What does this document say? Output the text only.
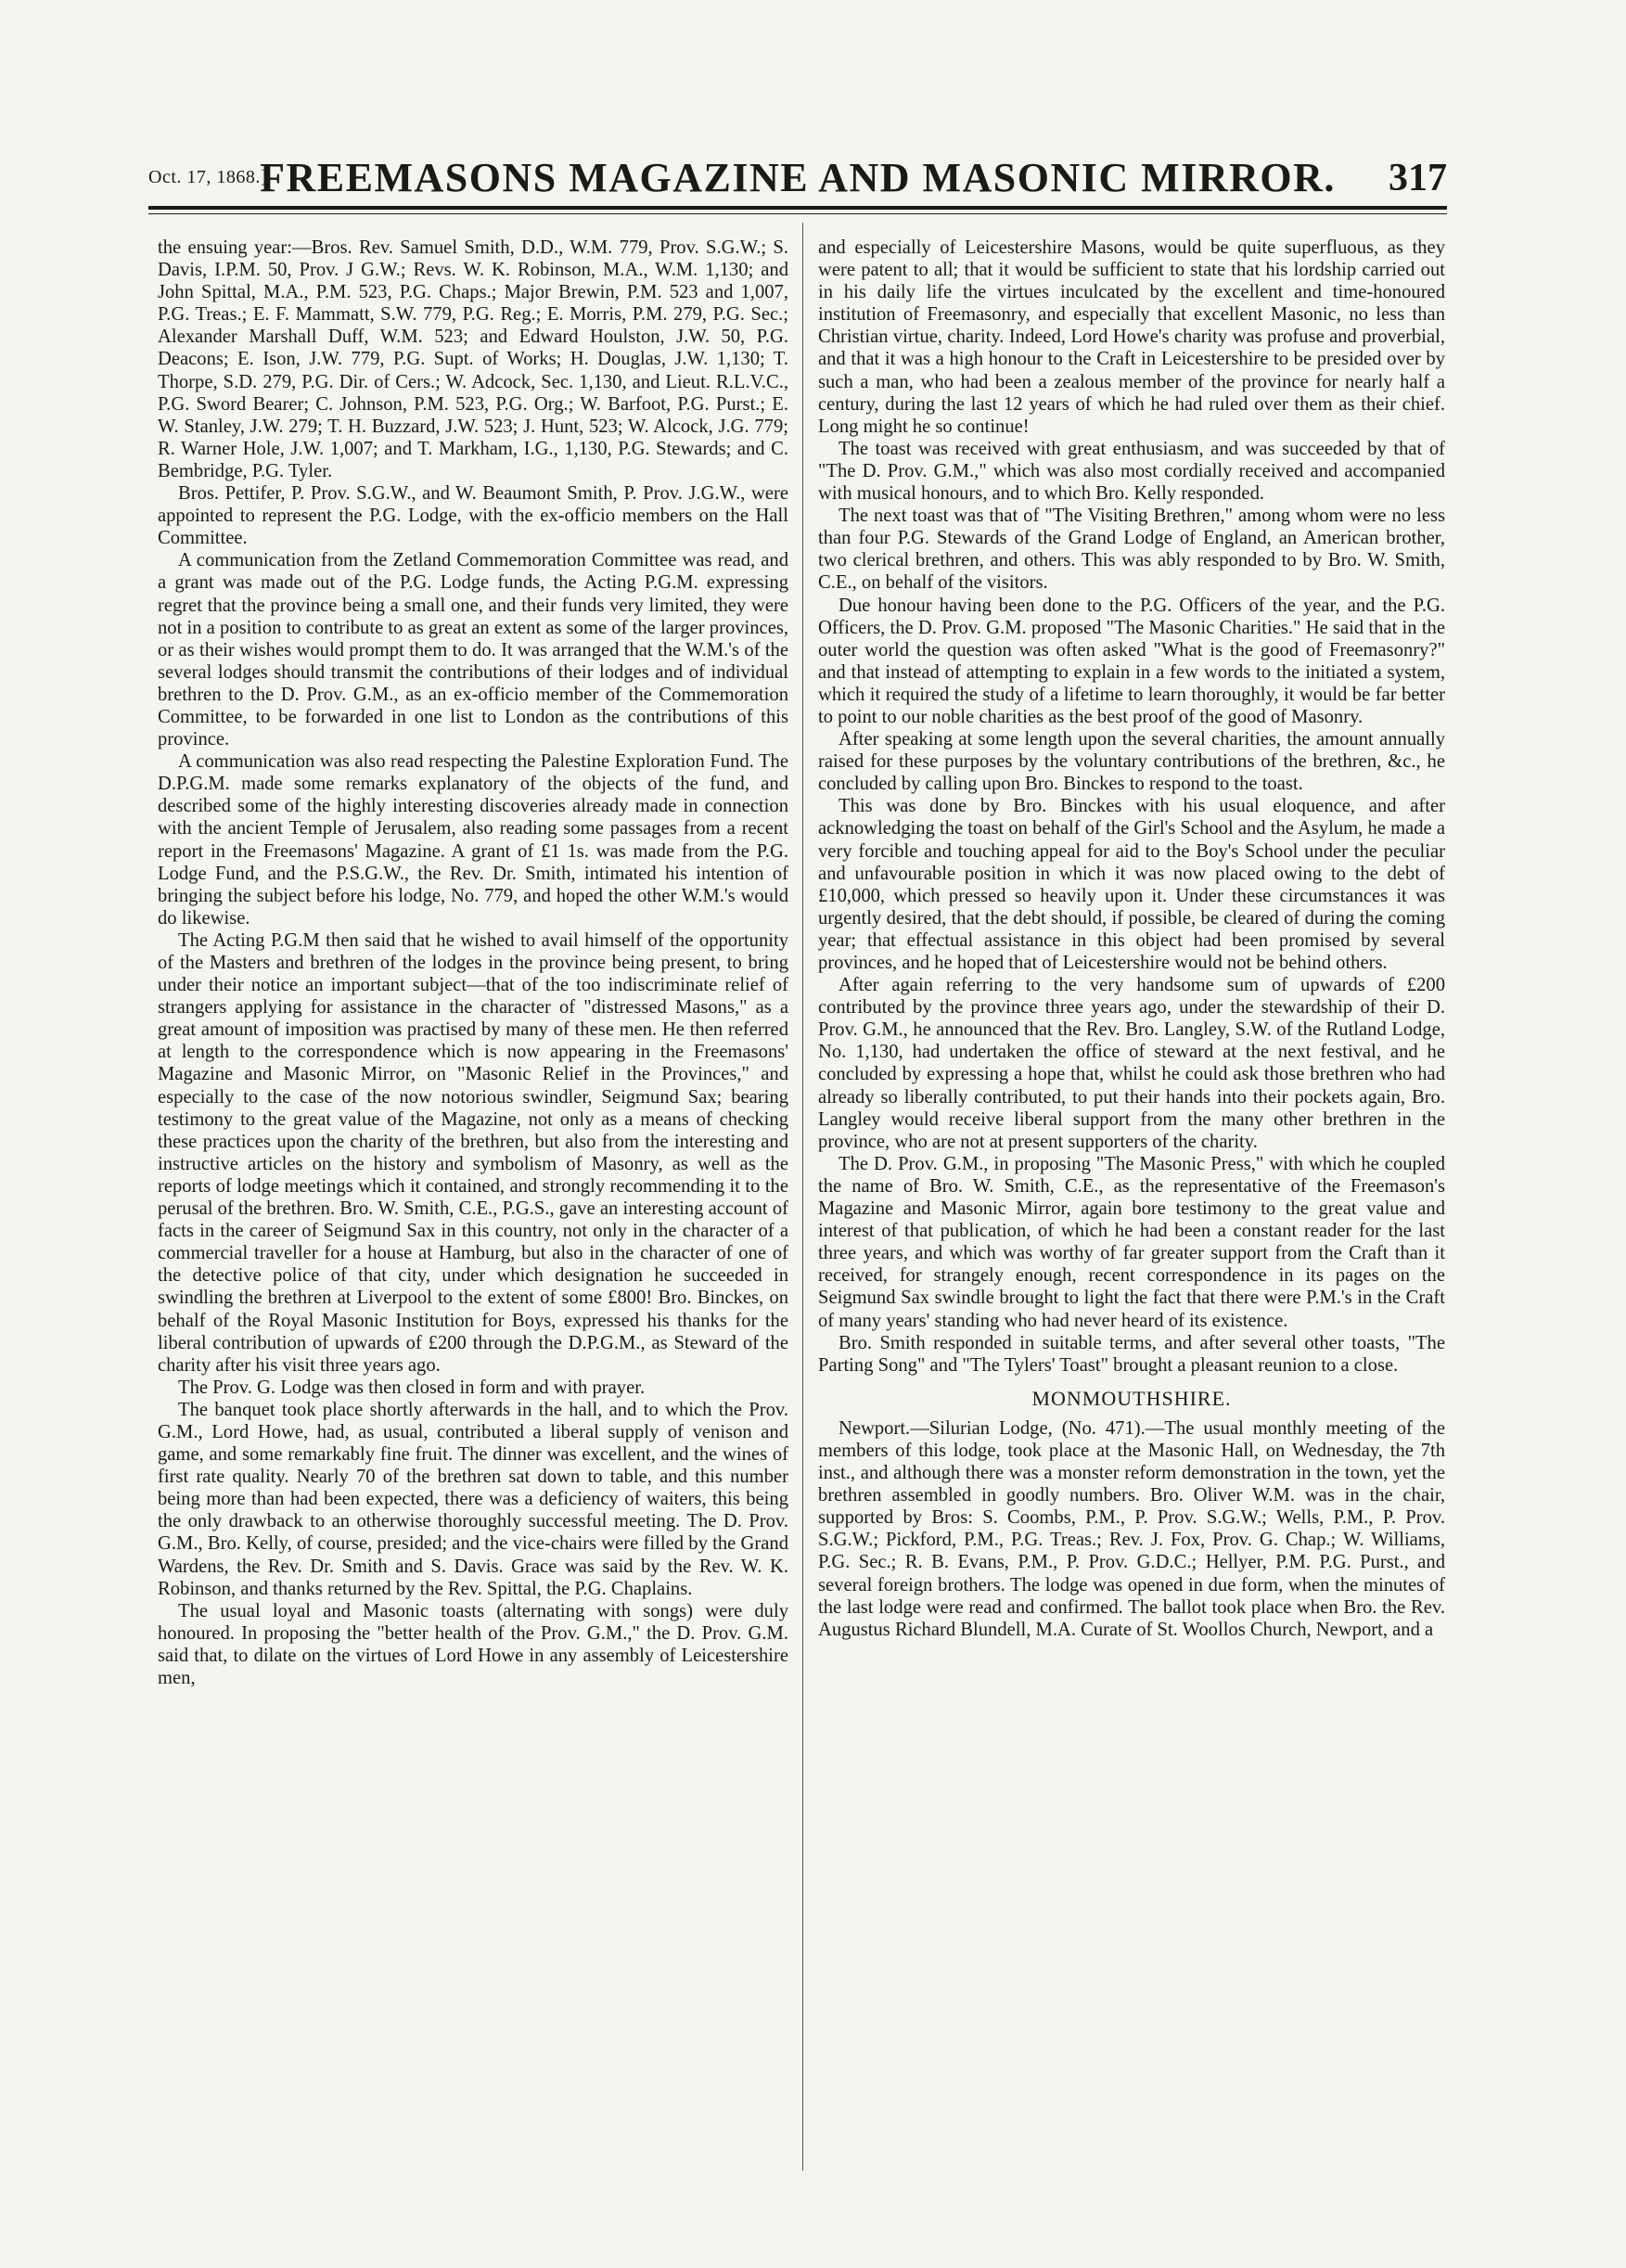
Oct. 17, 1868.]
FREEMASONS MAGAZINE AND MASONIC MIRROR.	317

the ensuing year:—Bros. Rev. Samuel Smith, D.D., W.M. 779, Prov. S.G.W.; S. Davis, I.P.M. 50, Prov. J G.W.; Revs. W. K. Robinson, M.A., W.M. 1,130; and John Spittal, M.A., P.M. 523, P.G. Chaps.; Major Brewin, P.M. 523 and 1,007, P.G. Treas.; E. F. Mammatt, S.W. 779, P.G. Reg.; E. Morris, P.M. 279, P.G. Sec.; Alexander Marshall Duff, W.M. 523; and Edward Houlston, J.W. 50, P.G. Deacons; E. Ison, J.W. 779, P.G. Supt. of Works; H. Douglas, J.W. 1,130; T. Thorpe, S.D. 279, P.G. Dir. of Cers.; W. Adcock, Sec. 1,130, and Lieut. R.L.V.C., P.G. Sword Bearer; C. Johnson, P.M. 523, P.G. Org.; W. Barfoot, P.G. Purst.; E. W. Stanley, J.W. 279; T. H. Buzzard, J.W. 523; J. Hunt, 523; W. Alcock, J.G. 779; R. Warner Hole, J.W. 1,007; and T. Markham, I.G., 1,130, P.G. Stewards; and C. Bembridge, P.G. Tyler.

Bros. Pettifer, P. Prov. S.G.W., and W. Beaumont Smith, P. Prov. J.G.W., were appointed to represent the P.G. Lodge, with the ex-officio members on the Hall Committee.

A communication from the Zetland Commemoration Committee was read, and a grant was made out of the P.G. Lodge funds, the Acting P.G.M. expressing regret that the province being a small one, and their funds very limited, they were not in a position to contribute to as great an extent as some of the larger provinces, or as their wishes would prompt them to do. It was arranged that the W.M.'s of the several lodges should transmit the contributions of their lodges and of individual brethren to the D. Prov. G.M., as an ex-officio member of the Commemoration Committee, to be forwarded in one list to London as the contributions of this province.

A communication was also read respecting the Palestine Exploration Fund. The D.P.G.M. made some remarks explanatory of the objects of the fund, and described some of the highly interesting discoveries already made in connection with the ancient Temple of Jerusalem, also reading some passages from a recent report in the Freemasons' Magazine. A grant of £1 1s. was made from the P.G. Lodge Fund, and the P.S.G.W., the Rev. Dr. Smith, intimated his intention of bringing the subject before his lodge, No. 779, and hoped the other W.M.'s would do likewise.

The Acting P.G.M then said that he wished to avail himself of the opportunity of the Masters and brethren of the lodges in the province being present, to bring under their notice an important subject—that of the too indiscriminate relief of strangers applying for assistance in the character of "distressed Masons," as a great amount of imposition was practised by many of these men. He then referred at length to the correspondence which is now appearing in the Freemasons' Magazine and Masonic Mirror, on "Masonic Relief in the Provinces," and especially to the case of the now notorious swindler, Seigmund Sax; bearing testimony to the great value of the Magazine, not only as a means of checking these practices upon the charity of the brethren, but also from the interesting and instructive articles on the history and symbolism of Masonry, as well as the reports of lodge meetings which it contained, and strongly recommending it to the perusal of the brethren. Bro. W. Smith, C.E., P.G.S., gave an interesting account of facts in the career of Seigmund Sax in this country, not only in the character of a commercial traveller for a house at Hamburg, but also in the character of one of the detective police of that city, under which designation he succeeded in swindling the brethren at Liverpool to the extent of some £800! Bro. Binckes, on behalf of the Royal Masonic Institution for Boys, expressed his thanks for the liberal contribution of upwards of £200 through the D.P.G.M., as Steward of the charity after his visit three years ago.

The Prov. G. Lodge was then closed in form and with prayer.

The banquet took place shortly afterwards in the hall, and to which the Prov. G.M., Lord Howe, had, as usual, contributed a liberal supply of venison and game, and some remarkably fine fruit. The dinner was excellent, and the wines of first rate quality. Nearly 70 of the brethren sat down to table, and this number being more than had been expected, there was a deficiency of waiters, this being the only drawback to an otherwise thoroughly successful meeting. The D. Prov. G.M., Bro. Kelly, of course, presided; and the vice-chairs were filled by the Grand Wardens, the Rev. Dr. Smith and S. Davis. Grace was said by the Rev. W. K. Robinson, and thanks returned by the Rev. Spittal, the P.G. Chaplains.

The usual loyal and Masonic toasts (alternating with songs) were duly honoured. In proposing the "better health of the Prov. G.M.," the D. Prov. G.M. said that, to dilate on the virtues of Lord Howe in any assembly of Leicestershire men,

and especially of Leicestershire Masons, would be quite superfluous, as they were patent to all; that it would be sufficient to state that his lordship carried out in his daily life the virtues inculcated by the excellent and time-honoured institution of Freemasonry, and especially that excellent Masonic, no less than Christian virtue, charity. Indeed, Lord Howe's charity was profuse and proverbial, and that it was a high honour to the Craft in Leicestershire to be presided over by such a man, who had been a zealous member of the province for nearly half a century, during the last 12 years of which he had ruled over them as their chief. Long might he so continue!

The toast was received with great enthusiasm, and was succeeded by that of "The D. Prov. G.M.," which was also most cordially received and accompanied with musical honours, and to which Bro. Kelly responded.

The next toast was that of "The Visiting Brethren," among whom were no less than four P.G. Stewards of the Grand Lodge of England, an American brother, two clerical brethren, and others. This was ably responded to by Bro. W. Smith, C.E., on behalf of the visitors.

Due honour having been done to the P.G. Officers of the year, and the P.G. Officers, the D. Prov. G.M. proposed "The Masonic Charities." He said that in the outer world the question was often asked "What is the good of Freemasonry?" and that instead of attempting to explain in a few words to the initiated a system, which it required the study of a lifetime to learn thoroughly, it would be far better to point to our noble charities as the best proof of the good of Masonry.

After speaking at some length upon the several charities, the amount annually raised for these purposes by the voluntary contributions of the brethren, &c., he concluded by calling upon Bro. Binckes to respond to the toast.

This was done by Bro. Binckes with his usual eloquence, and after acknowledging the toast on behalf of the Girl's School and the Asylum, he made a very forcible and touching appeal for aid to the Boy's School under the peculiar and unfavourable position in which it was now placed owing to the debt of £10,000, which pressed so heavily upon it. Under these circumstances it was urgently desired, that the debt should, if possible, be cleared of during the coming year; that effectual assistance in this object had been promised by several provinces, and he hoped that of Leicestershire would not be behind others.

After again referring to the very handsome sum of upwards of £200 contributed by the province three years ago, under the stewardship of their D. Prov. G.M., he announced that the Rev. Bro. Langley, S.W. of the Rutland Lodge, No. 1,130, had undertaken the office of steward at the next festival, and he concluded by expressing a hope that, whilst he could ask those brethren who had already so liberally contributed, to put their hands into their pockets again, Bro. Langley would receive liberal support from the many other brethren in the province, who are not at present supporters of the charity.

The D. Prov. G.M., in proposing "The Masonic Press," with which he coupled the name of Bro. W. Smith, C.E., as the representative of the Freemason's Magazine and Masonic Mirror, again bore testimony to the great value and interest of that publication, of which he had been a constant reader for the last three years, and which was worthy of far greater support from the Craft than it received, for strangely enough, recent correspondence in its pages on the Seigmund Sax swindle brought to light the fact that there were P.M.'s in the Craft of many years' standing who had never heard of its existence.

Bro. Smith responded in suitable terms, and after several other toasts, "The Parting Song" and "The Tylers' Toast" brought a pleasant reunion to a close.

MONMOUTHSHIRE.

Newport.—Silurian Lodge, (No. 471).—The usual monthly meeting of the members of this lodge, took place at the Masonic Hall, on Wednesday, the 7th inst., and although there was a monster reform demonstration in the town, yet the brethren assembled in goodly numbers. Bro. Oliver W.M. was in the chair, supported by Bros: S. Coombs, P.M., P. Prov. S.G.W.; Wells, P.M., P. Prov. S.G.W.; Pickford, P.M., P.G. Treas.; Rev. J. Fox, Prov. G. Chap.; W. Williams, P.G. Sec.; R. B. Evans, P.M., P. Prov. G.D.C.; Hellyer, P.M. P.G. Purst., and several foreign brothers. The lodge was opened in due form, when the minutes of the last lodge were read and confirmed. The ballot took place when Bro. the Rev. Augustus Richard Blundell, M.A. Curate of St. Woollos Church, Newport, and a
